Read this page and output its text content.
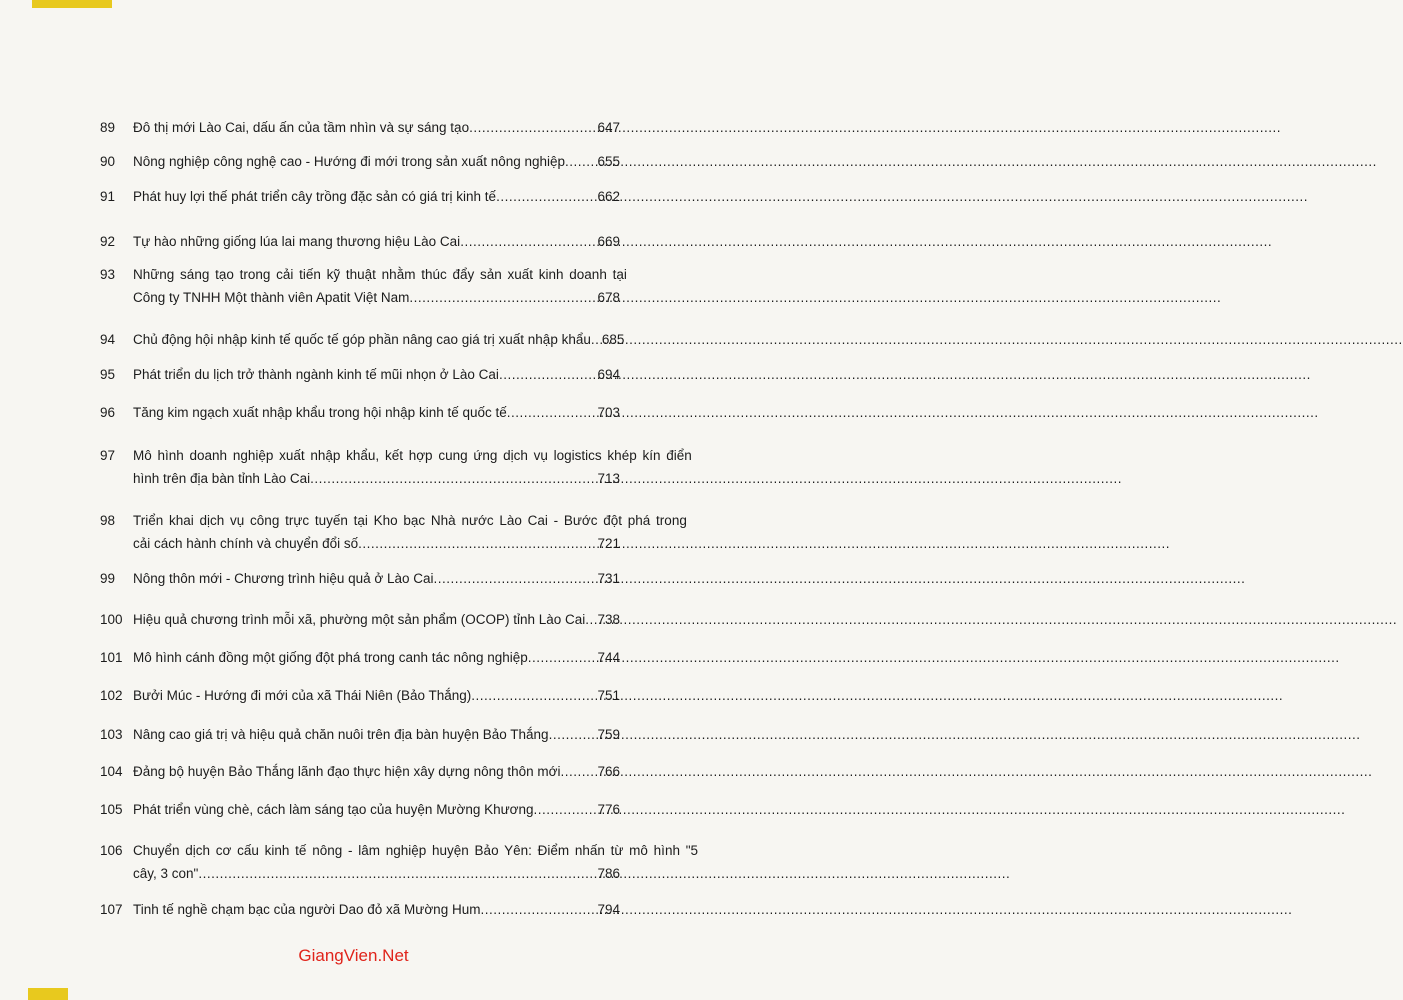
89	Đô thị mới Lào Cai, dấu ấn của tầm nhìn và sự sáng tạo .....	647
90	Nông nghiệp công nghệ cao - Hướng đi mới trong sản xuất nông nghiệp ..... 655
91	Phát huy lợi thế phát triển cây trồng đặc sản có giá trị kinh tế .....	662
92	Tự hào những giống lúa lai mang thương hiệu Lào Cai .....	669
93	Những sáng tạo trong cải tiến kỹ thuật nhằm thúc đẩy sản xuất kinh doanh tại
Công ty TNHH Một thành viên Apatit Việt Nam .....	678
94	Chủ động hội nhập kinh tế quốc tế góp phần nâng cao giá trị xuất nhập khẩu ..... 685
95	Phát triển du lịch trở thành ngành kinh tế mũi nhọn ở Lào Cai .....	694
96	Tăng kim ngạch xuất nhập khẩu trong hội nhập kinh tế quốc tế .....	703
97	Mô hình doanh nghiệp xuất nhập khẩu, kết hợp cung ứng dịch vụ logistics khép kín điển
hình trên địa bàn tỉnh Lào Cai .....	713
98	Triển khai dịch vụ công trực tuyến tại Kho bạc Nhà nước Lào Cai - Bước đột phá trong
cải cách hành chính và chuyển đổi số .....	721
99	Nông thôn mới - Chương trình hiệu quả ở Lào Cai .....	731
100 Hiệu quả chương trình mỗi xã, phường một sản phẩm (OCOP) tỉnh Lào Cai ..... 738
101 Mô hình cánh đồng một giống đột phá trong canh tác nông nghiệp .....	744
102 Bưởi Múc - Hướng đi mới của xã Thái Niên (Bảo Thắng) .....	751
103 Nâng cao giá trị và hiệu quả chăn nuôi trên địa bàn huyện Bảo Thắng .....	759
104 Đảng bộ huyện Bảo Thắng lãnh đạo thực hiện xây dựng nông thôn mới .....	766
105 Phát triển vùng chè, cách làm sáng tạo của huyện Mường Khương .....	776
106 Chuyển dịch cơ cấu kinh tế nông - lâm nghiệp huyện Bảo Yên: Điểm nhấn từ mô hình "5
cây, 3 con" .....	786
107 Tinh tế nghề chạm bạc của người Dao đỏ xã Mường Hum .....	794
GiangVien.Net
